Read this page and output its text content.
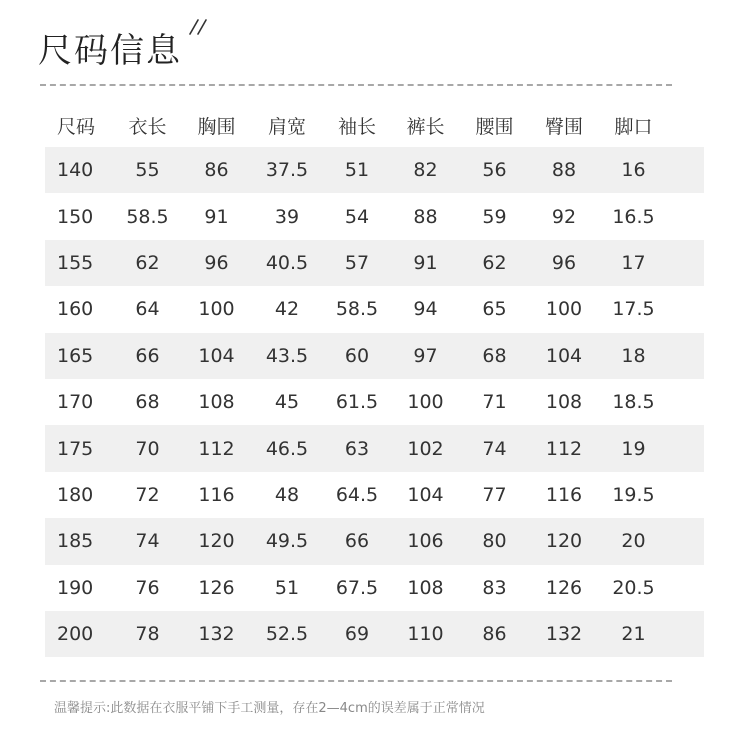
尺码信息
尺码	衣长	胸围	肩宽	袖长	裤长	腰围	臀围	脚口
140	55	86	37.5	51	82	56	88	16
150	58.5	91	39	54	88	59	92	16.5
155	62	96	40.5	57	91	62	96	17
160	64	100	42	58.5	94	65	100	17.5
165	66	104	43.5	60	97	68	104	18
170	68	108	45	61.5	100	71	108	18.5
175	70	112	46.5	63	102	74	112	19
180	72	116	48	64.5	104	77	116	19.5
185	74	120	49.5	66	106	80	120	20
190	76	126	51	67.5	108	83	126	20.5
200	78	132	52.5	69	110	86	132	21
温馨提示:此数据在衣服平铺下手工测量，存在2—4cm的误差属于正常情况
